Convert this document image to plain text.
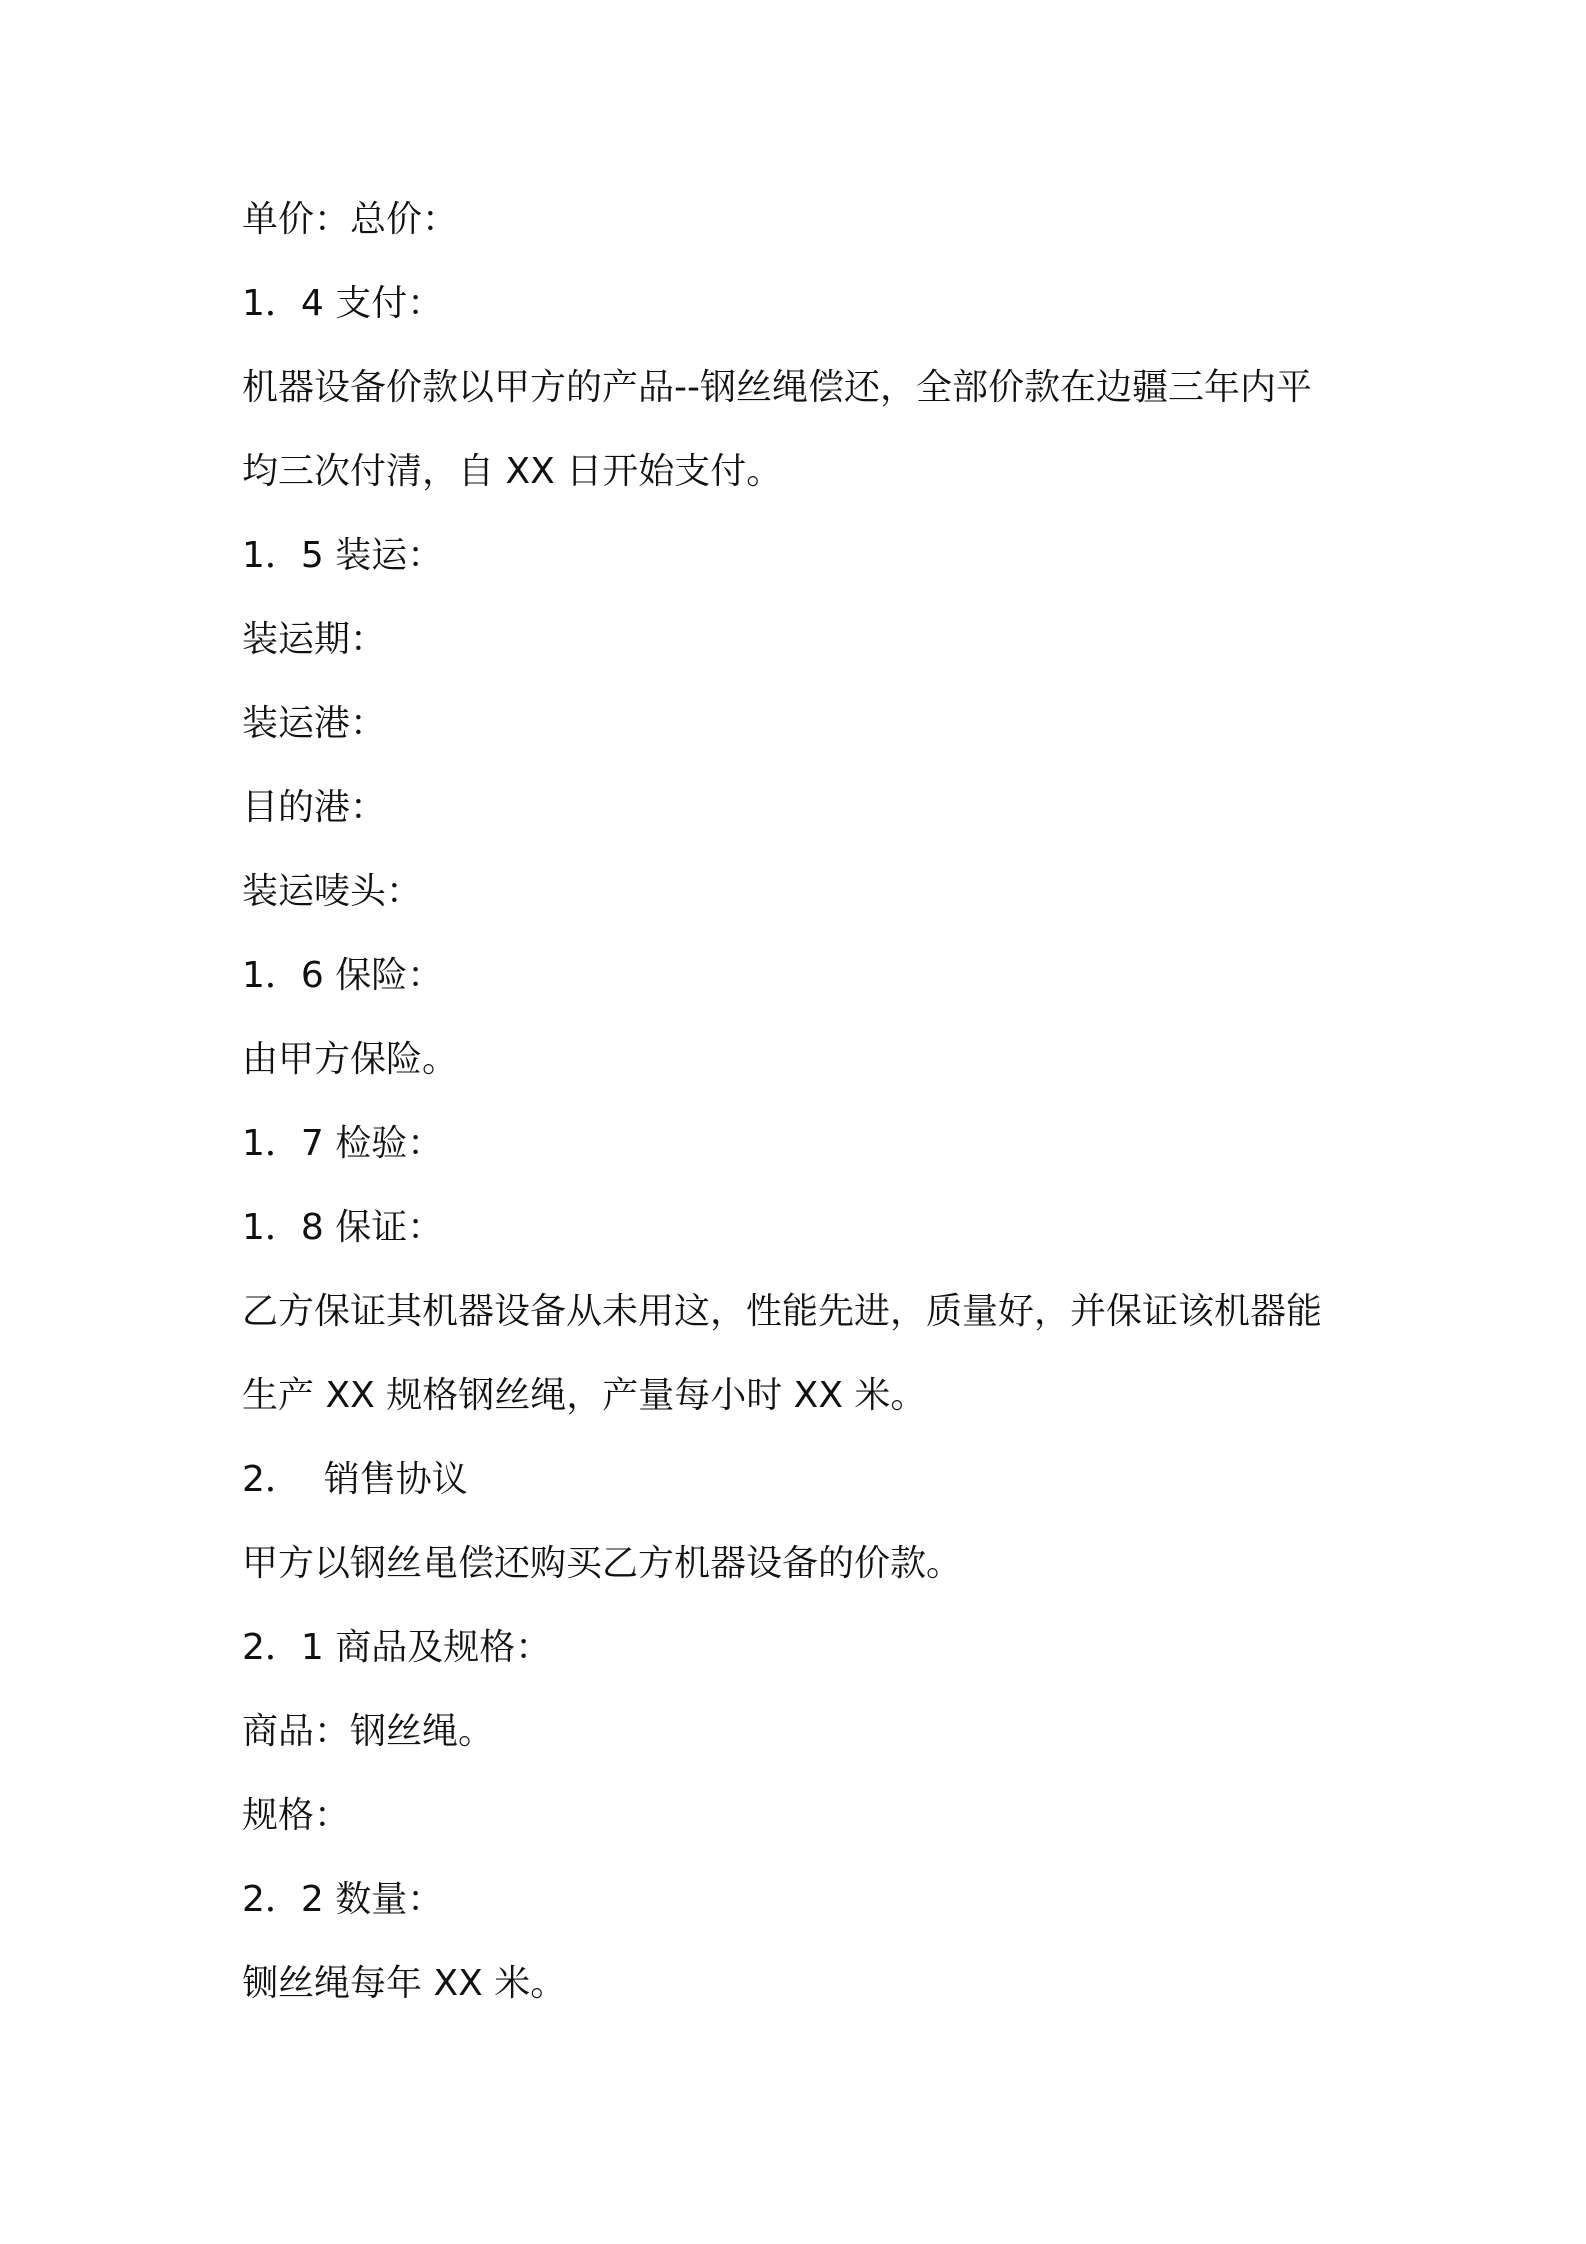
单价：总价：
1．4 支付：
机器设备价款以甲方的产品--钢丝绳偿还，全部价款在边疆三年内平
均三次付清，自 XX 日开始支付。
1．5 装运：
装运期：
装运港：
目的港：
装运唛头：
1．6 保险：
由甲方保险。
1．7 检验：
1．8 保证：
乙方保证其机器设备从未用这，性能先进，质量好，并保证该机器能
生产 XX 规格钢丝绳，产量每小时 XX 米。
2．  销售协议
甲方以钢丝黾偿还购买乙方机器设备的价款。
2．1 商品及规格：
商品：钢丝绳。
规格：
2．2 数量：
铡丝绳每年 XX 米。
